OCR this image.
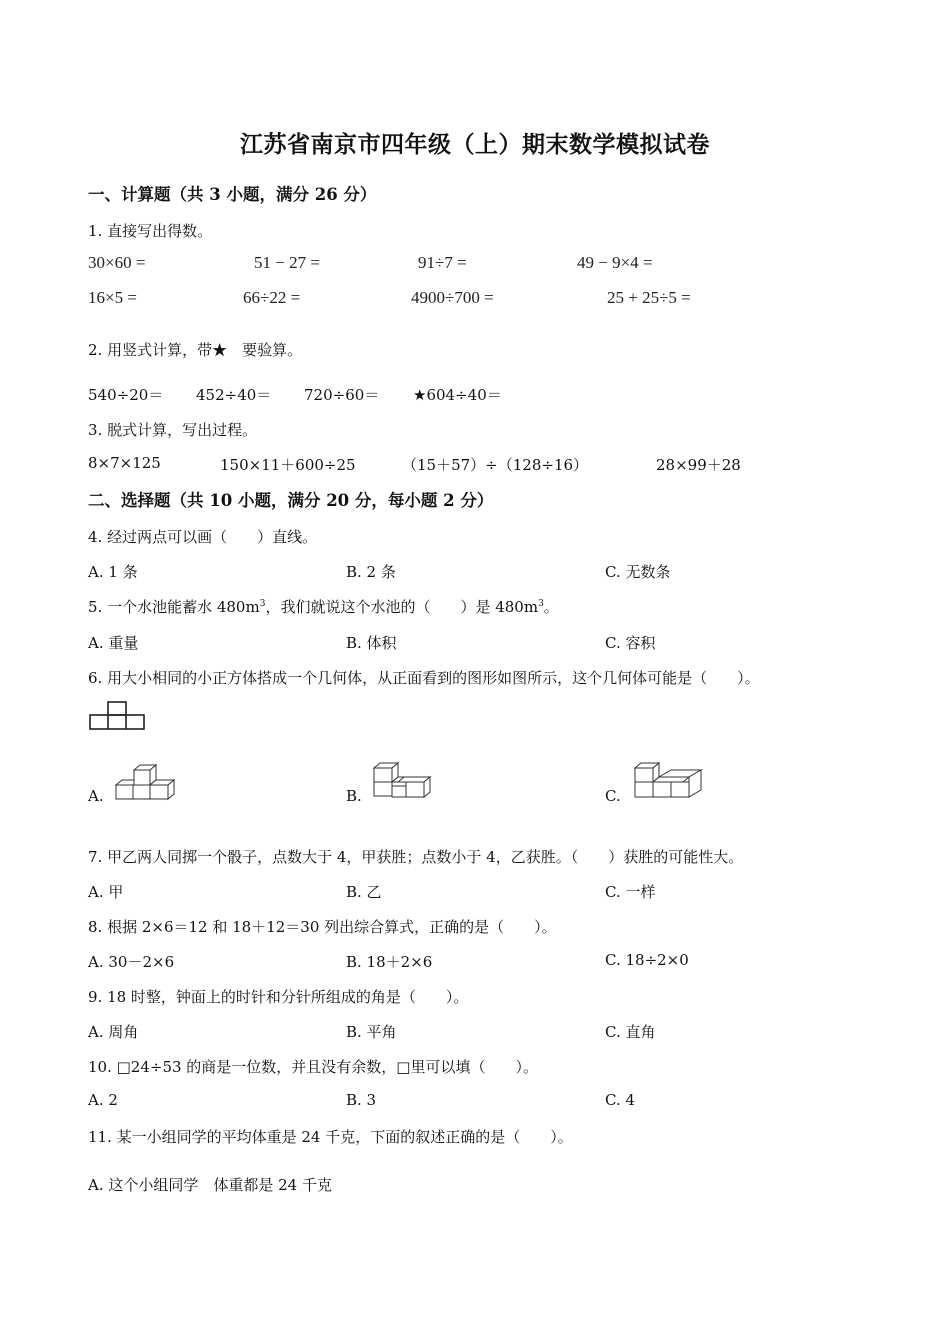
江苏省南京市四年级（上）期末数学模拟试卷
一、计算题（共 3 小题，满分 26 分）
1. 直接写出得数。
30×60 =	51 − 27 =	91÷7 =	49 − 9×4 =
16×5 =	66÷22 =	4900÷700 =	25 + 25÷5 =
2. 用竖式计算，带★　要验算。
540÷20＝ 452÷40＝ 720÷60＝ ★604÷40＝
3. 脱式计算，写出过程。
8×7×125	150×11＋600÷25	（15＋57）÷（128÷16）	28×99＋28
二、选择题（共 10 小题，满分 20 分，每小题 2 分）
4. 经过两点可以画（　　）直线。
A. 1 条	B. 2 条	C. 无数条
5. 一个水池能蓄水 $480m^3$，我们就说这个水池的（　　）是 $480m^3$。
A. 重量	B. 体积	C. 容积
6. 用大小相同的小正方体搭成一个几何体，从正面看到的图形如图所示，这个几何体可能是（　　）。
A.	B.	C.
7. 甲乙两人同掷一个骰子，点数大于 4，甲获胜；点数小于 4，乙获胜。（　　）获胜的可能性大。
A. 甲	B. 乙	C. 一样
8. 根据 2×6＝12 和 18＋12＝30 列出综合算式，正确的是（　　）。
A. 30－2×6	B. 18＋2×6	C. 18÷2×0
9. 18 时整，钟面上的时针和分针所组成的角是（　　）。
A. 周角	B. 平角	C. 直角
10. □24÷53 的商是一位数，并且没有余数，□里可以填（　　）。
A. 2	B. 3	C. 4
11. 某一小组同学的平均体重是 24 千克，下面的叙述正确的是（　　）。
A. 这个小组同学　体重都是 24 千克
